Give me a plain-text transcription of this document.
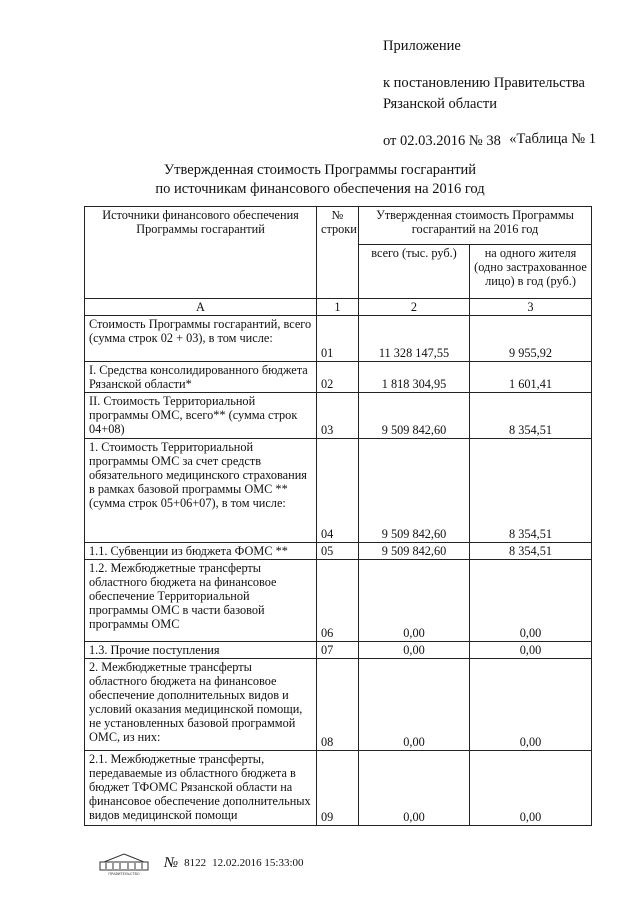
Приложение
к постановлению Правительства
Рязанской области
от 02.03.2016 № 38 «Таблица № 1
Утвержденная стоимость Программы госгарантий
по источникам финансового обеспечения на 2016 год
Источники финансового обеспечения Программы госгарантий	№ строки	Утвержденная стоимость Программы госгарантий на 2016 год	
		всего (тыс. руб.)	на одного жителя (одно застрахованное лицо) в год (руб.)
А	1	2	3
Стоимость Программы госгарантий, всего (сумма строк 02 + 03), в том числе:	01	11 328 147,55	9 955,92
I. Средства консолидированного бюджета Рязанской области*	02	1 818 304,95	1 601,41
II. Стоимость Территориальной программы ОМС, всего** (сумма строк 04+08)	03	9 509 842,60	8 354,51
1. Стоимость Территориальной программы ОМС за счет средств обязательного медицинского страхования в рамках базовой программы ОМС ** (сумма строк 05+06+07), в том числе:	04	9 509 842,60	8 354,51
1.1. Субвенции из бюджета ФОМС **	05	9 509 842,60	8 354,51
1.2. Межбюджетные трансферты областного бюджета на финансовое обеспечение Территориальной программы ОМС в части базовой программы ОМС	06	0,00	0,00
1.3. Прочие поступления	07	0,00	0,00
2. Межбюджетные трансферты областного бюджета на финансовое обеспечение дополнительных видов и условий оказания медицинской помощи, не установленных базовой программой ОМС, из них:	08	0,00	0,00
2.1. Межбюджетные трансферты, передаваемые из областного бюджета в бюджет ТФОМС Рязанской области на финансовое обеспечение дополнительных видов медицинской помощи	09	0,00	0,00
ПРАВИТЕЛЬСТВО
№ 8122 12.02.2016 15:33:00
